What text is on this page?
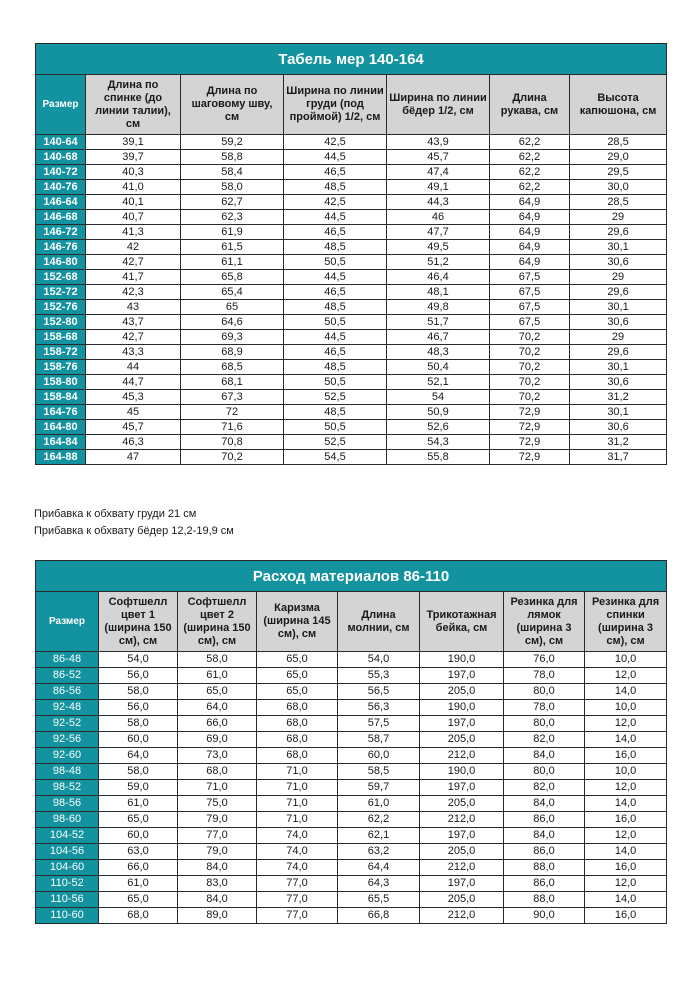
Табель мер 140-164						
Размер	Длина по спинке (до линии талии), см	Длина по шаговому шву, см	Ширина по линии груди (под проймой) 1/2, см	Ширина по линии бёдер 1/2, см	Длина рукава, см	Высота капюшона, см
140-64	39,1	59,2	42,5	43,9	62,2	28,5
140-68	39,7	58,8	44,5	45,7	62,2	29,0
140-72	40,3	58,4	46,5	47,4	62,2	29,5
140-76	41,0	58,0	48,5	49,1	62,2	30,0
146-64	40,1	62,7	42,5	44,3	64,9	28,5
146-68	40,7	62,3	44,5	46	64,9	29
146-72	41,3	61,9	46,5	47,7	64,9	29,6
146-76	42	61,5	48,5	49,5	64,9	30,1
146-80	42,7	61,1	50,5	51,2	64,9	30,6
152-68	41,7	65,8	44,5	46,4	67,5	29
152-72	42,3	65,4	46,5	48,1	67,5	29,6
152-76	43	65	48,5	49,8	67,5	30,1
152-80	43,7	64,6	50,5	51,7	67,5	30,6
158-68	42,7	69,3	44,5	46,7	70,2	29
158-72	43,3	68,9	46,5	48,3	70,2	29,6
158-76	44	68,5	48,5	50,4	70,2	30,1
158-80	44,7	68,1	50,5	52,1	70,2	30,6
158-84	45,3	67,3	52,5	54	70,2	31,2
164-76	45	72	48,5	50,9	72,9	30,1
164-80	45,7	71,6	50,5	52,6	72,9	30,6
164-84	46,3	70,8	52,5	54,3	72,9	31,2
164-88	47	70,2	54,5	55,8	72,9	31,7
Прибавка к обхвату груди 21 см
Прибавка к обхвату бёдер 12,2-19,9 см
Расход материалов 86-110							
Размер	Софтшелл цвет 1 (ширина 150 см), см	Софтшелл цвет 2 (ширина 150 см), см	Каризма (ширина 145 см), см	Длина молнии, см	Трикотажная бейка, см	Резинка для лямок (ширина 3 см), см	Резинка для спинки (ширина 3 см), см
86-48	54,0	58,0	65,0	54,0	190,0	76,0	10,0
86-52	56,0	61,0	65,0	55,3	197,0	78,0	12,0
86-56	58,0	65,0	65,0	56,5	205,0	80,0	14,0
92-48	56,0	64,0	68,0	56,3	190,0	78,0	10,0
92-52	58,0	66,0	68,0	57,5	197,0	80,0	12,0
92-56	60,0	69,0	68,0	58,7	205,0	82,0	14,0
92-60	64,0	73,0	68,0	60,0	212,0	84,0	16,0
98-48	58,0	68,0	71,0	58,5	190,0	80,0	10,0
98-52	59,0	71,0	71,0	59,7	197,0	82,0	12,0
98-56	61,0	75,0	71,0	61,0	205,0	84,0	14,0
98-60	65,0	79,0	71,0	62,2	212,0	86,0	16,0
104-52	60,0	77,0	74,0	62,1	197,0	84,0	12,0
104-56	63,0	79,0	74,0	63,2	205,0	86,0	14,0
104-60	66,0	84,0	74,0	64,4	212,0	88,0	16,0
110-52	61,0	83,0	77,0	64,3	197,0	86,0	12,0
110-56	65,0	84,0	77,0	65,5	205,0	88,0	14,0
110-60	68,0	89,0	77,0	66,8	212,0	90,0	16,0
